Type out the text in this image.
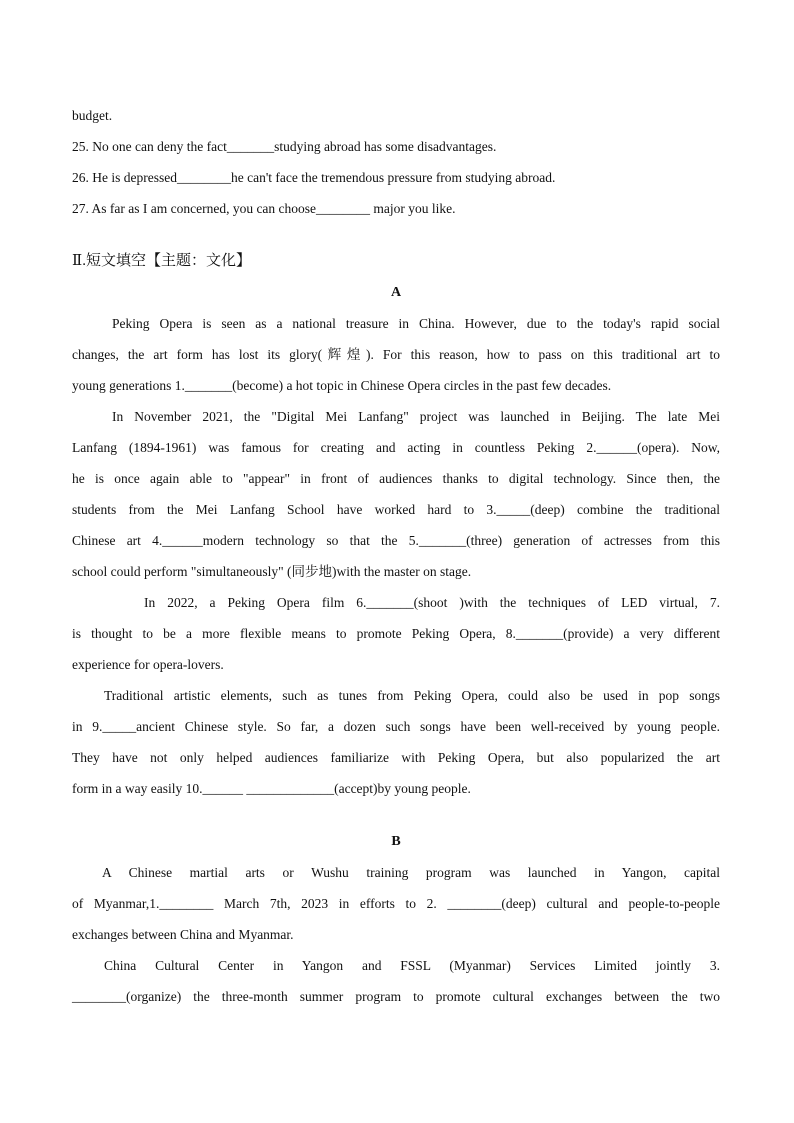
budget.
25. No one can deny the fact_______studying abroad has some disadvantages.
26. He is depressed________he can't face the tremendous pressure from studying abroad.
27. As far as I am concerned, you can choose________ major you like.
Ⅱ.短文填空【主题：文化】
A
Peking Opera is seen as a national treasure in China. However, due to the today's rapid social
changes, the art form has lost its glory(辉煌). For this reason, how to pass on this traditional art to
young generations 1._______(become) a hot topic in Chinese Opera circles in the past few decades.
In November 2021, the "Digital Mei Lanfang" project was launched in Beijing. The late Mei
Lanfang (1894-1961) was famous for creating and acting in countless Peking 2.______(opera). Now,
he is once again able to "appear" in front of audiences thanks to digital technology. Since then, the
students from the Mei Lanfang School have worked hard to 3._____(deep) combine the traditional
Chinese art 4.______modern technology so that the 5._______(three) generation of actresses from this
school could perform "simultaneously" (同步地)with the master on stage.
In 2022, a Peking Opera film 6._______(shoot )with the techniques of LED virtual, 7.
is thought to be a more flexible means to promote Peking Opera, 8._______(provide) a very different
experience for opera-lovers.
Traditional artistic elements, such as tunes from Peking Opera, could also be used in pop songs
in 9._____ancient Chinese style. So far, a dozen such songs have been well-received by young people.
They have not only helped audiences familiarize with Peking Opera, but also popularized the art
form in a way easily 10.______ _____________(accept)by young people.
B
A Chinese martial arts or Wushu training program was launched in Yangon, capital
of Myanmar,1.________ March 7th, 2023 in efforts to 2. ________(deep) cultural and people-to-people
exchanges between China and Myanmar.
China Cultural Center in Yangon and FSSL (Myanmar) Services Limited jointly 3.
________(organize) the three-month summer program to promote cultural exchanges between the two
